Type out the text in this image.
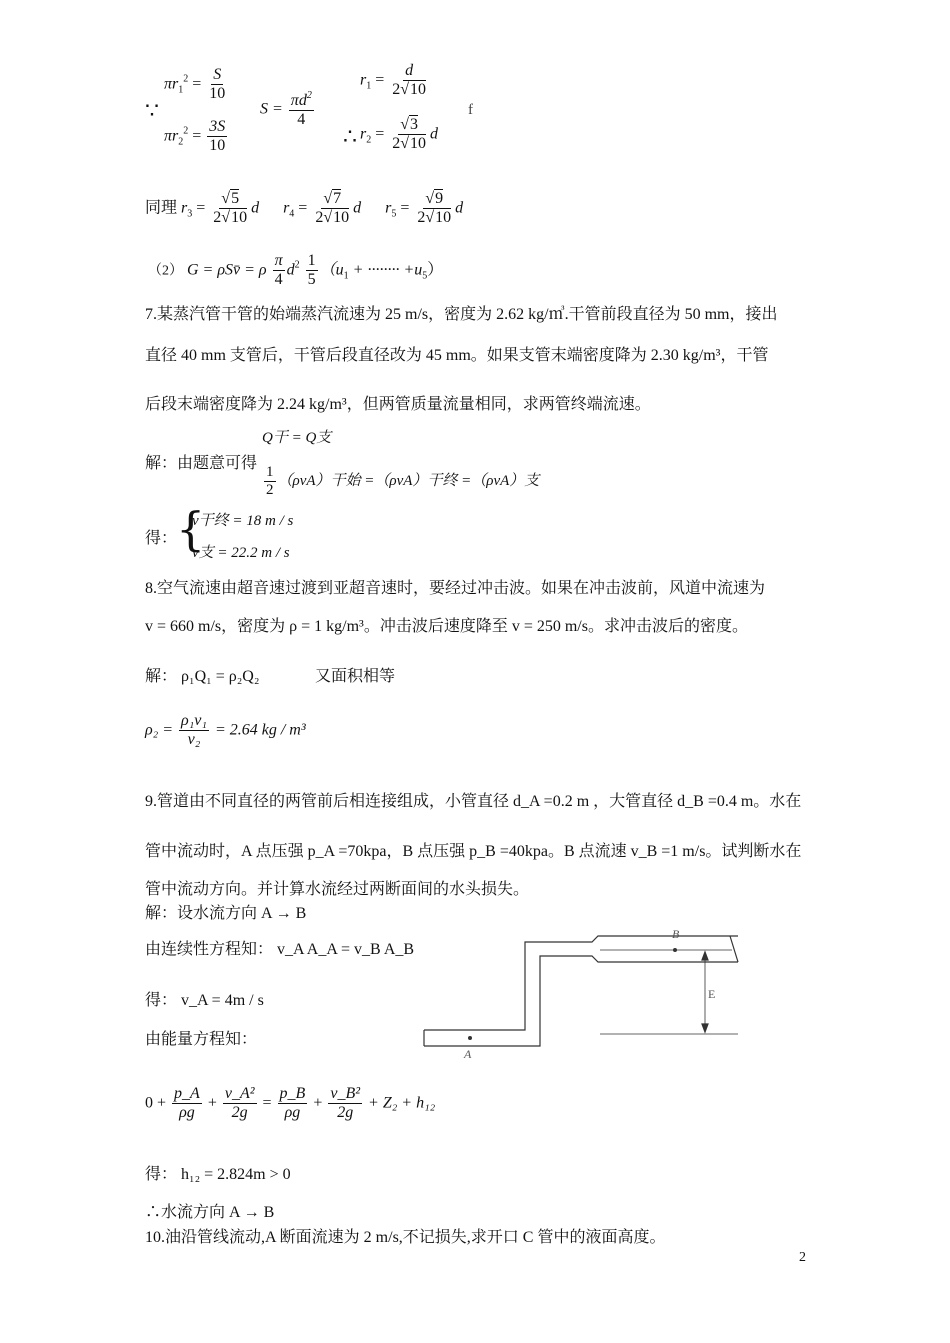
∵
$\pi r_1^2 = \frac{S}{10}$
$\pi r_2^2 = \frac{3S}{10}$
$S = \frac{\pi d^2}{4}$
∴
$r_1 = \frac{d}{2√10}$
$r_2 = \frac{√3}{2√10}$ d
f
同理 $r_3 = \frac{√5}{2√10}$ d $r_4 = \frac{√7}{2√10}$ d $r_5 = \frac{√9}{2√10}$ d
（2） G = ρSv̄ = ρ $\frac{\pi}{4} d^2 \frac{1}{5} (u_1$ + ········ $+u_5$）
7.某蒸汽管干管的始端蒸汽流速为 25 m/s，密度为 2.62 kg/㎥.干管前段直径为 50 mm，接出
直径 40 mm 支管后，干管后段直径改为 45 mm。如果支管末端密度降为 2.30 kg/m³，干管
后段末端密度降为 2.24 kg/m³，但两管质量流量相同，求两管终端流速。
解：由题意可得
Q干 = Q支
$\frac{1}{2} (\rho vA)$干始 =（ρvA）干终 =（ρvA）支
得：
{
v干终 = 18 m / s
v支 = 22.2 m / s
8.空气流速由超音速过渡到亚超音速时，要经过冲击波。如果在冲击波前，风道中流速为
v = 660 m/s，密度为 ρ = 1 kg/m³。冲击波后速度降至 v = 250 m/s。求冲击波后的密度。
解： ρ₁Q₁ = ρ₂Q₂	又面积相等
$\rho_2 = \frac{\text{ρ₁v₁}}{\text{v₂}} = 2.64$ kg / m³
9.管道由不同直径的两管前后相连接组成，小管直径 d_A =0.2 m ，大管直径 d_B =0.4 m。水在
管中流动时，A 点压强 p_A =70kpa，B 点压强 p_B =40kpa。B 点流速 v_B =1 m/s。试判断水在
管中流动方向。并计算水流经过两断面间的水头损失。
解：设水流方向 A → B
由连续性方程知： v_A A_A = v_B A_B
得： v_A = 4m / s
由能量方程知：
B
A
E
$0 + \frac{p\_A}{\rho g} + \frac{\text{v\_A²}}{2g} = \frac{p\_B}{\rho g} + \frac{\text{v\_B²}}{2g} + Z_2 + h_{12}$
得： h₁₂ = 2.824m > 0
∴水流方向 A → B
10.油沿管线流动,A 断面流速为 2 m/s,不记损失,求开口 C 管中的液面高度。
2
